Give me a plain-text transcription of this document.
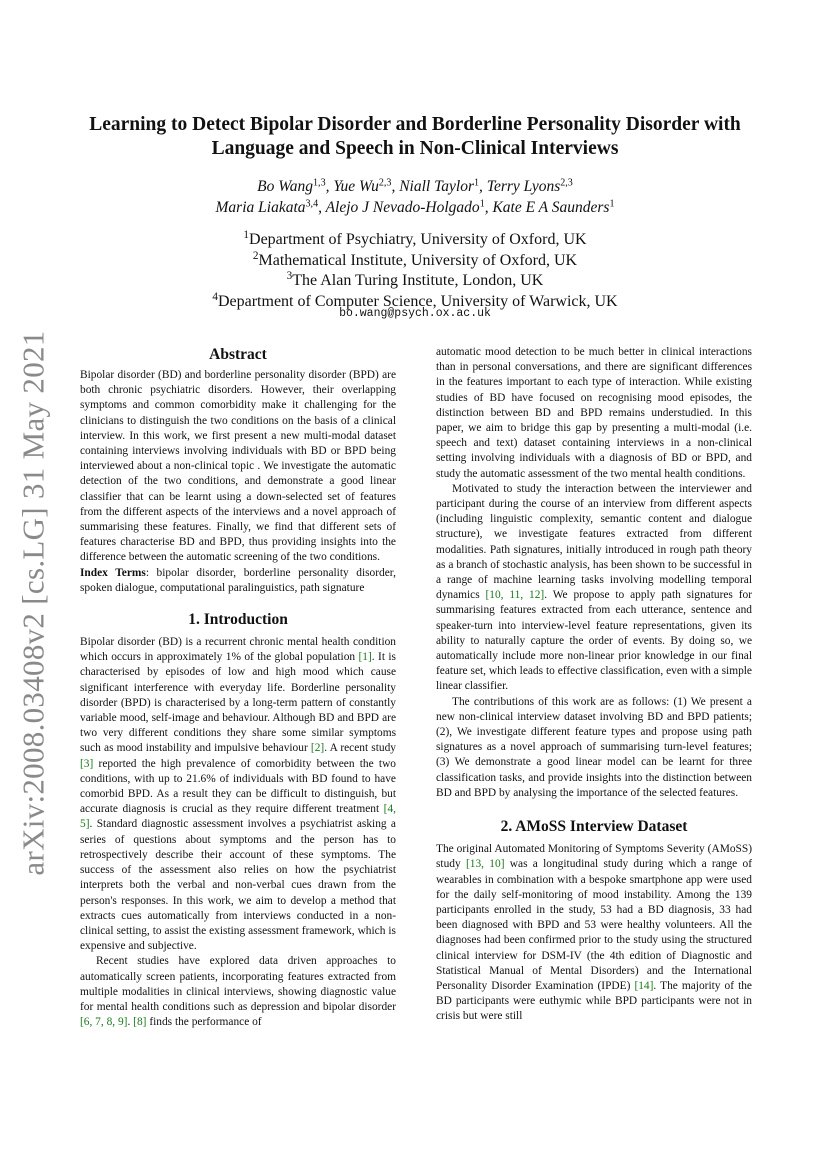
arXiv:2008.03408v2 [cs.LG] 31 May 2021
Learning to Detect Bipolar Disorder and Borderline Personality Disorder with
Language and Speech in Non-Clinical Interviews
Bo Wang$^{1,3}$, Yue Wu$^{2,3}$, Niall Taylor$^1$, Terry Lyons$^{2,3}$
Maria Liakata$^{3,4}$, Alejo J Nevado-Holgado$^1$, Kate E A Saunders$^1$
$^1$Department of Psychiatry, University of Oxford, UK
$^2$Mathematical Institute, University of Oxford, UK
$^3$The Alan Turing Institute, London, UK
$^4$Department of Computer Science, University of Warwick, UK
bo.wang@psych.ox.ac.uk
Abstract

Bipolar disorder (BD) and borderline personality disorder (BPD) are both chronic psychiatric disorders. However, their overlapping symptoms and common comorbidity make it challenging for the clinicians to distinguish the two conditions on the basis of a clinical interview. In this work, we first present a new multi-modal dataset containing interviews involving individuals with BD or BPD being interviewed about a non-clinical topic . We investigate the automatic detection of the two conditions, and demonstrate a good linear classifier that can be learnt using a down-selected set of features from the different aspects of the interviews and a novel approach of summarising these features. Finally, we find that different sets of features characterise BD and BPD, thus providing insights into the difference between the automatic screening of the two conditions.

Index Terms: bipolar disorder, borderline personality disorder, spoken dialogue, computational paralinguistics, path signature

1. Introduction

Bipolar disorder (BD) is a recurrent chronic mental health condition which occurs in approximately 1% of the global population [1]. It is characterised by episodes of low and high mood which cause significant interference with everyday life. Borderline personality disorder (BPD) is characterised by a long-term pattern of constantly variable mood, self-image and behaviour. Although BD and BPD are two very different conditions they share some similar symptoms such as mood instability and impulsive behaviour [2]. A recent study [3] reported the high prevalence of comorbidity between the two conditions, with up to 21.6% of individuals with BD found to have comorbid BPD. As a result they can be difficult to distinguish, but accurate diagnosis is crucial as they require different treatment [4, 5]. Standard diagnostic assessment involves a psychiatrist asking a series of questions about symptoms and the person has to retrospectively describe their account of these symptoms. The success of the assessment also relies on how the psychiatrist interprets both the verbal and non-verbal cues drawn from the person's responses. In this work, we aim to develop a method that extracts cues automatically from interviews conducted in a non-clinical setting, to assist the existing assessment framework, which is expensive and subjective.

Recent studies have explored data driven approaches to automatically screen patients, incorporating features extracted from multiple modalities in clinical interviews, showing diagnostic value for mental health conditions such as depression and bipolar disorder [6, 7, 8, 9]. [8] finds the performance of

automatic mood detection to be much better in clinical interactions than in personal conversations, and there are significant differences in the features important to each type of interaction. While existing studies of BD have focused on recognising mood episodes, the distinction between BD and BPD remains understudied. In this paper, we aim to bridge this gap by presenting a multi-modal (i.e. speech and text) dataset containing interviews in a non-clinical setting involving individuals with a diagnosis of BD or BPD, and study the automatic assessment of the two mental health conditions.

Motivated to study the interaction between the interviewer and participant during the course of an interview from different aspects (including linguistic complexity, semantic content and dialogue structure), we investigate features extracted from different modalities. Path signatures, initially introduced in rough path theory as a branch of stochastic analysis, has been shown to be successful in a range of machine learning tasks involving modelling temporal dynamics [10, 11, 12]. We propose to apply path signatures for summarising features extracted from each utterance, sentence and speaker-turn into interview-level feature representations, given its ability to naturally capture the order of events. By doing so, we automatically include more non-linear prior knowledge in our final feature set, which leads to effective classification, even with a simple linear classifier.

The contributions of this work are as follows: (1) We present a new non-clinical interview dataset involving BD and BPD patients; (2), We investigate different feature types and propose using path signatures as a novel approach of summarising turn-level features; (3) We demonstrate a good linear model can be learnt for three classification tasks, and provide insights into the distinction between BD and BPD by analysing the importance of the selected features.

2. AMoSS Interview Dataset

The original Automated Monitoring of Symptoms Severity (AMoSS) study [13, 10] was a longitudinal study during which a range of wearables in combination with a bespoke smartphone app were used for the daily self-monitoring of mood instability. Among the 139 participants enrolled in the study, 53 had a BD diagnosis, 33 had been diagnosed with BPD and 53 were healthy volunteers. All the diagnoses had been confirmed prior to the study using the structured clinical interview for DSM-IV (the 4th edition of Diagnostic and Statistical Manual of Mental Disorders) and the International Personality Disorder Examination (IPDE) [14]. The majority of the BD participants were euthymic while BPD participants were not in crisis but were still
